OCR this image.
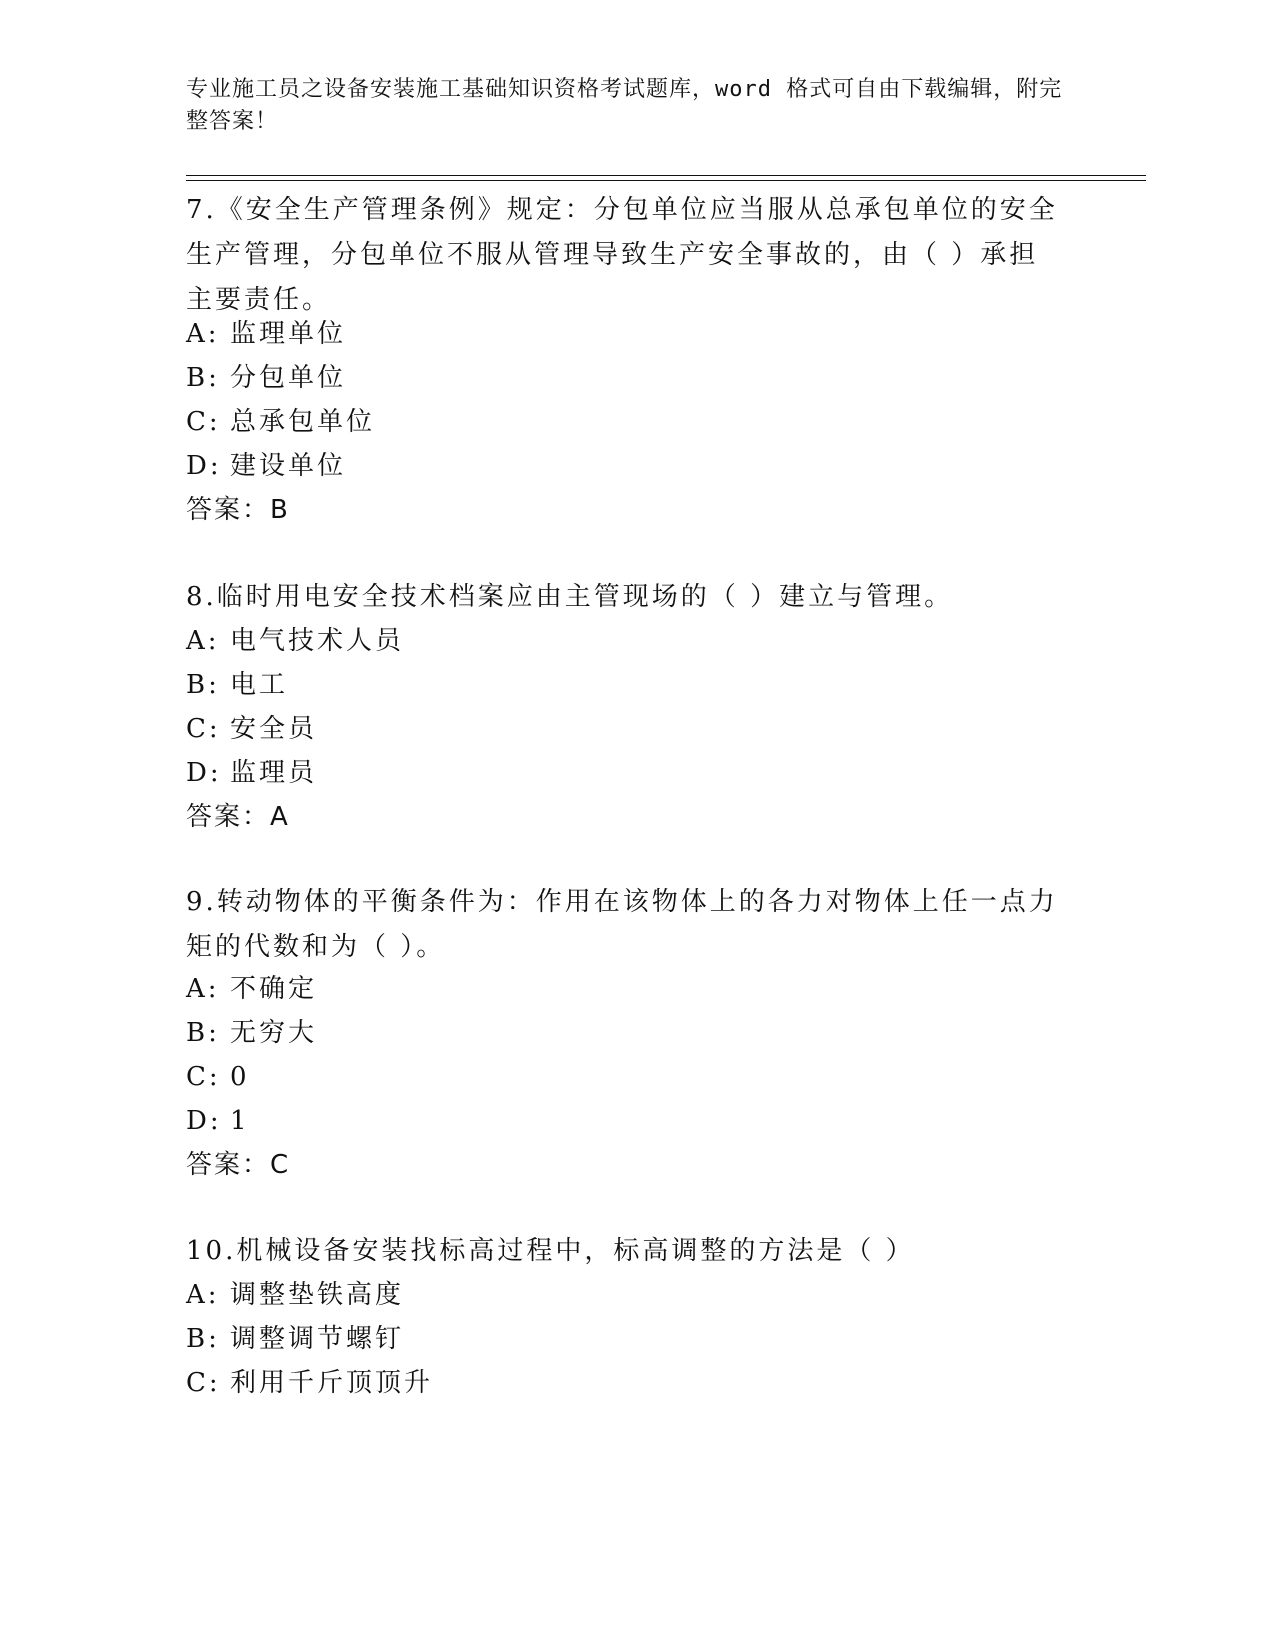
专业施工员之设备安装施工基础知识资格考试题库，word 格式可自由下载编辑，附完整答案！

7.《安全生产管理条例》规定：分包单位应当服从总承包单位的安全生产管理，分包单位不服从管理导致生产安全事故的，由（ ）承担主要责任。

A: 监理单位

B: 分包单位

C: 总承包单位

D: 建设单位

答案：B

8.临时用电安全技术档案应由主管现场的（ ）建立与管理。

A: 电气技术人员

B: 电工

C: 安全员

D: 监理员

答案：A

9.转动物体的平衡条件为：作用在该物体上的各力对物体上任一点力矩的代数和为（ ）。

A: 不确定

B: 无穷大

C: 0

D: 1

答案：C

10.机械设备安装找标高过程中，标高调整的方法是（ ）

A: 调整垫铁高度

B: 调整调节螺钉

C: 利用千斤顶顶升
